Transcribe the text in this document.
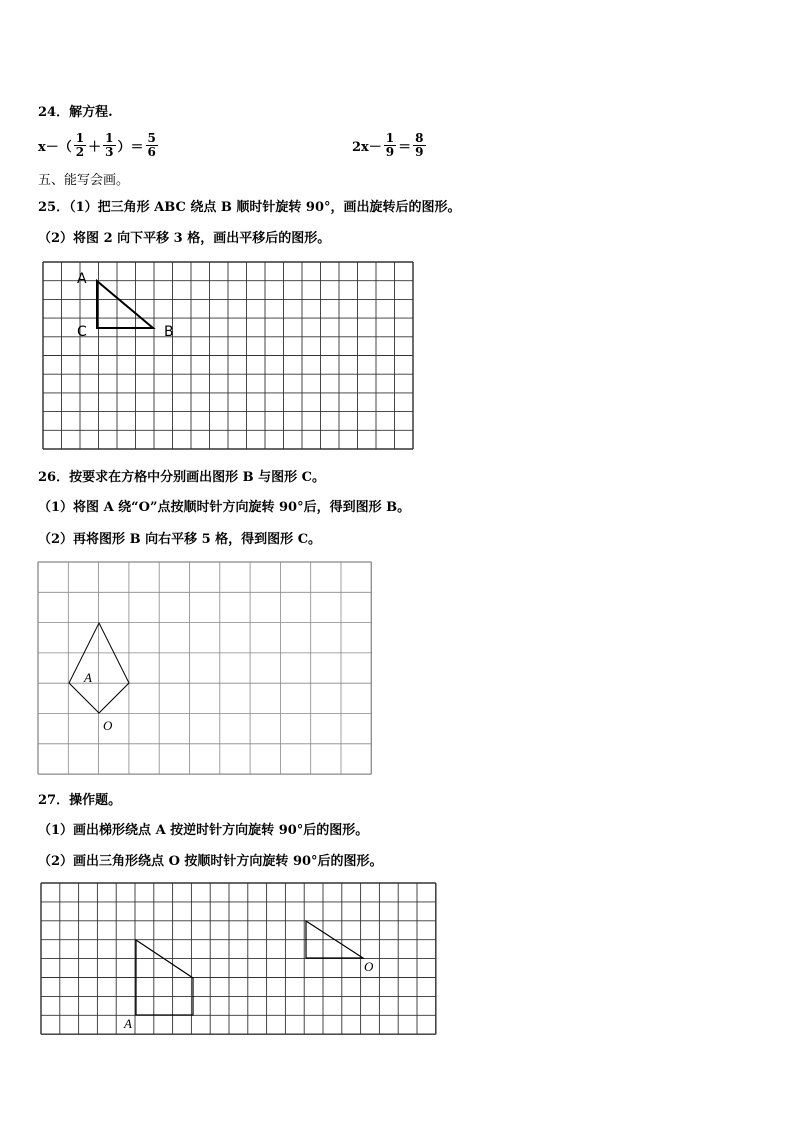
24．解方程.
$x-( \frac{1}{2} + \frac{1}{3}$ ）＝ $\frac{5}{6}$	$2x- \frac{1}{9} = \frac{8}{9}$
五、能写会画。
25．（1）把三角形 ABC 绕点 B 顺时针旋转 90°，画出旋转后的图形。
（2）将图 2 向下平移 3 格，画出平移后的图形。
A
C	B
26．按要求在方格中分别画出图形 B 与图形 C。
（1）将图 A 绕“O”点按顺时针方向旋转 90°后，得到图形 B。
（2）再将图形 B 向右平移 5 格，得到图形 C。
A
O
27．操作题。
（1）画出梯形绕点 A 按逆时针方向旋转 90°后的图形。
（2）画出三角形绕点 O 按顺时针方向旋转 90°后的图形。
A
O
